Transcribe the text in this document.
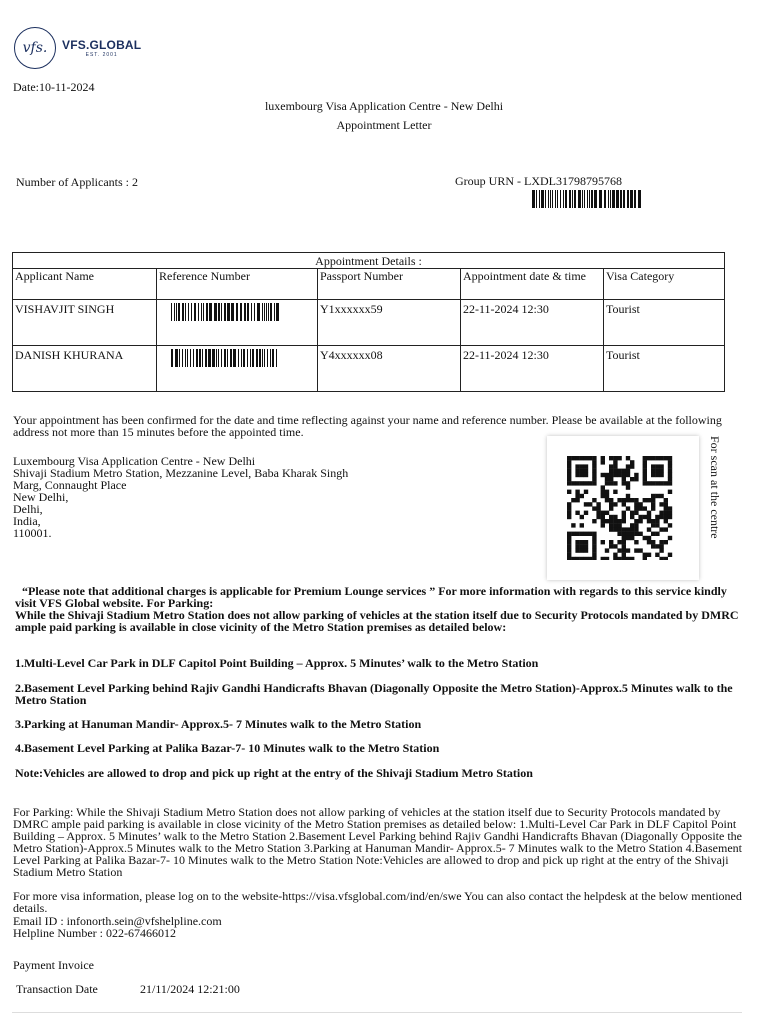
vfs.	VFS.GLOBAL
EST. 2001
Date:10-11-2024
luxembourg Visa Application Centre - New Delhi
Appointment Letter
Number of Applicants : 2	Group URN - LXDL31798795768
Appointment Details :				
Applicant Name	Reference Number	Passport Number	Appointment date & time	Visa Category
VISHAVJIT SINGH		Y1xxxxxx59	22-11-2024 12:30	Tourist
DANISH KHURANA		Y4xxxxxx08	22-11-2024 12:30	Tourist
Your appointment has been confirmed for the date and time reflecting against your name and reference number. Please be available at the following address not more than 15 minutes before the appointed time.
Luxembourg Visa Application Centre - New Delhi
Shivaji Stadium Metro Station, Mezzanine Level, Baba Kharak Singh
Marg, Connaught Place
New Delhi,
Delhi,
India,
110001.	For scan at the centre
“Please note that additional charges is applicable for Premium Lounge services ” For more information with regards to this service kindly
visit VFS Global website. For Parking:
While the Shivaji Stadium Metro Station does not allow parking of vehicles at the station itself due to Security Protocols mandated by DMRC ample paid parking is available in close vicinity of the Metro Station premises as detailed below:
1.Multi-Level Car Park in DLF Capitol Point Building – Approx. 5 Minutes’ walk to the Metro Station
2.Basement Level Parking behind Rajiv Gandhi Handicrafts Bhavan (Diagonally Opposite the Metro Station)-Approx.5 Minutes walk to the Metro Station
3.Parking at Hanuman Mandir- Approx.5- 7 Minutes walk to the Metro Station
4.Basement Level Parking at Palika Bazar-7- 10 Minutes walk to the Metro Station
Note:Vehicles are allowed to drop and pick up right at the entry of the Shivaji Stadium Metro Station
For Parking: While the Shivaji Stadium Metro Station does not allow parking of vehicles at the station itself due to Security Protocols mandated by DMRC ample paid parking is available in close vicinity of the Metro Station premises as detailed below: 1.Multi-Level Car Park in DLF Capitol Point Building – Approx. 5 Minutes’ walk to the Metro Station 2.Basement Level Parking behind Rajiv Gandhi Handicrafts Bhavan (Diagonally Opposite the Metro Station)-Approx.5 Minutes walk to the Metro Station 3.Parking at Hanuman Mandir- Approx.5- 7 Minutes walk to the Metro Station 4.Basement Level Parking at Palika Bazar-7- 10 Minutes walk to the Metro Station Note:Vehicles are allowed to drop and pick up right at the entry of the Shivaji Stadium Metro Station
For more visa information, please log on to the website-https://visa.vfsglobal.com/ind/en/swe You can also contact the helpdesk at the below mentioned details.
Email ID : infonorth.sein@vfshelpline.com
Helpline Number : 022-67466012
Payment Invoice
Transaction Date	21/11/2024 12:21:00
